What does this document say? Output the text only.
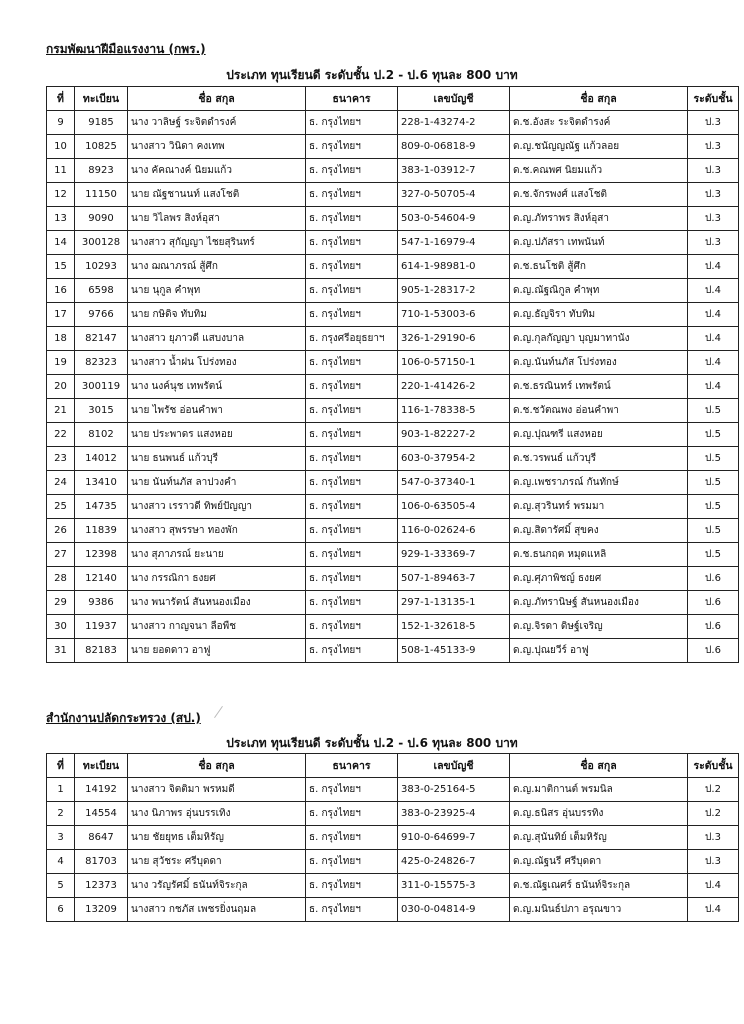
กรมพัฒนาฝีมือแรงงาน (กพร.)
ประเภท ทุนเรียนดี ระดับชั้น ป.2 - ป.6 ทุนละ 800 บาท
ที่	ทะเบียน	ชื่อ สกุล	ธนาคาร	เลขบัญชี	ชื่อ สกุล	ระดับชั้น
9	9185	นาง วาลิษฐ์ ระจิตดำรงค์	ธ. กรุงไทยฯ	228-1-43274-2	ด.ช.อังสะ ระจิตดำรงค์	ป.3
10	10825	นางสาว วินิดา คงเทพ	ธ. กรุงไทยฯ	809-0-06818-9	ด.ญ.ชนัญญณัฐ แก้วลอย	ป.3
11	8923	นาง คัคณางค์ นิยมแก้ว	ธ. กรุงไทยฯ	383-1-03912-7	ด.ช.คณพศ นิยมแก้ว	ป.3
12	11150	นาย ณัฐชานนท์ แสงโชติ	ธ. กรุงไทยฯ	327-0-50705-4	ด.ช.จักรพงศ์ แสงโชติ	ป.3
13	9090	นาย วิไลพร สิงห์อุสา	ธ. กรุงไทยฯ	503-0-54604-9	ด.ญ.ภัทราพร สิงห์อุสา	ป.3
14	300128	นางสาว สุกัญญา ไชยสุรินทร์	ธ. กรุงไทยฯ	547-1-16979-4	ด.ญ.ปภัสรา เทพนันท์	ป.3
15	10293	นาง ฌณาภรณ์ สู้ศึก	ธ. กรุงไทยฯ	614-1-98981-0	ด.ช.ธนโชติ สู้ศึก	ป.4
16	6598	นาย นุกูล คำพุท	ธ. กรุงไทยฯ	905-1-28317-2	ด.ญ.ณัฐณิกูล คำพุท	ป.4
17	9766	นาย กษิดิจ ทับทิม	ธ. กรุงไทยฯ	710-1-53003-6	ด.ญ.ธัญจิรา ทับทิม	ป.4
18	82147	นางสาว ยุภาวดี แสบงบาล	ธ. กรุงศรีอยุธยาฯ	326-1-29190-6	ด.ญ.กุลกัญญา บุญมาทานัง	ป.4
19	82323	นางสาว น้ำฝน โปร่งทอง	ธ. กรุงไทยฯ	106-0-57150-1	ด.ญ.นันท์นภัส โปร่งทอง	ป.4
20	300119	นาง นงค์นุช เทพรัตน์	ธ. กรุงไทยฯ	220-1-41426-2	ด.ช.ธรณินทร์ เทพรัตน์	ป.4
21	3015	นาย ไพรัช อ่อนคำพา	ธ. กรุงไทยฯ	116-1-78338-5	ด.ช.ชวัตณพง อ่อนคำพา	ป.5
22	8102	นาย ประพาดร แสงหอย	ธ. กรุงไทยฯ	903-1-82227-2	ด.ญ.ปุณฑรี แสงหอย	ป.5
23	14012	นาย ธนพนธ์ แก้วบุรี	ธ. กรุงไทยฯ	603-0-37954-2	ด.ช.วรพนธ์ แก้วบุรี	ป.5
24	13410	นาย นันท์นภัส ลาปวงคำ	ธ. กรุงไทยฯ	547-0-37340-1	ด.ญ.เพชราภรณ์ กันทักษ์	ป.5
25	14735	นางสาว เรราวดี ทิพย์ปัญญา	ธ. กรุงไทยฯ	106-0-63505-4	ด.ญ.สุวรินทร์ พรมมา	ป.5
26	11839	นางสาว สุพรรษา ทองพัก	ธ. กรุงไทยฯ	116-0-02624-6	ด.ญ.สิดารัศมิ์ สุขคง	ป.5
27	12398	นาง สุภาภรณ์ ยะนาย	ธ. กรุงไทยฯ	929-1-33369-7	ด.ช.ธนกฤต หมุดแหลิ	ป.5
28	12140	นาง กรรณิกา ธงยศ	ธ. กรุงไทยฯ	507-1-89463-7	ด.ญ.ศุภาพิชญ์ ธงยศ	ป.6
29	9386	นาง พนารัตน์ สันหนองเมือง	ธ. กรุงไทยฯ	297-1-13135-1	ด.ญ.ภัทรานิษฐ์ สันหนองเมือง	ป.6
30	11937	นางสาว กาญจนา ลือพืช	ธ. กรุงไทยฯ	152-1-32618-5	ด.ญ.จิรดา ดิษฐ์เจริญ	ป.6
31	82183	นาย ยอดดาว อาฟู	ธ. กรุงไทยฯ	508-1-45133-9	ด.ญ.ปุณยวีร์ อาฟู	ป.6
สำนักงานปลัดกระทรวง (สป.)
ประเภท ทุนเรียนดี ระดับชั้น ป.2 - ป.6 ทุนละ 800 บาท
ที่	ทะเบียน	ชื่อ สกุล	ธนาคาร	เลขบัญชี	ชื่อ สกุล	ระดับชั้น
1	14192	นางสาว จิตติมา พรหมดี	ธ. กรุงไทยฯ	383-0-25164-5	ด.ญ.มาติกานต์ พรมนิล	ป.2
2	14554	นาง นิภาพร อุ่นบรรเทิง	ธ. กรุงไทยฯ	383-0-23925-4	ด.ญ.ธนิสร อุ่นบรรทิง	ป.2
3	8647	นาย ชัยยุทธ เต็มหิรัญ	ธ. กรุงไทยฯ	910-0-64699-7	ด.ญ.สุนันทิย์ เต็มหิรัญ	ป.3
4	81703	นาย สุวัชระ ศรีบุดดา	ธ. กรุงไทยฯ	425-0-24826-7	ด.ญ.ณัฐนรี ศรีบุดดา	ป.3
5	12373	นาง วรัญรัศมิ์ ธนันท์จิระกุล	ธ. กรุงไทยฯ	311-0-15575-3	ด.ช.ณัฐเณศร์ ธนันท์จิระกุล	ป.4
6	13209	นางสาว กชภัส เพชรยิ่งนฤมล	ธ. กรุงไทยฯ	030-0-04814-9	ด.ญ.มนินธ์ปภา อรุณขาว	ป.4
